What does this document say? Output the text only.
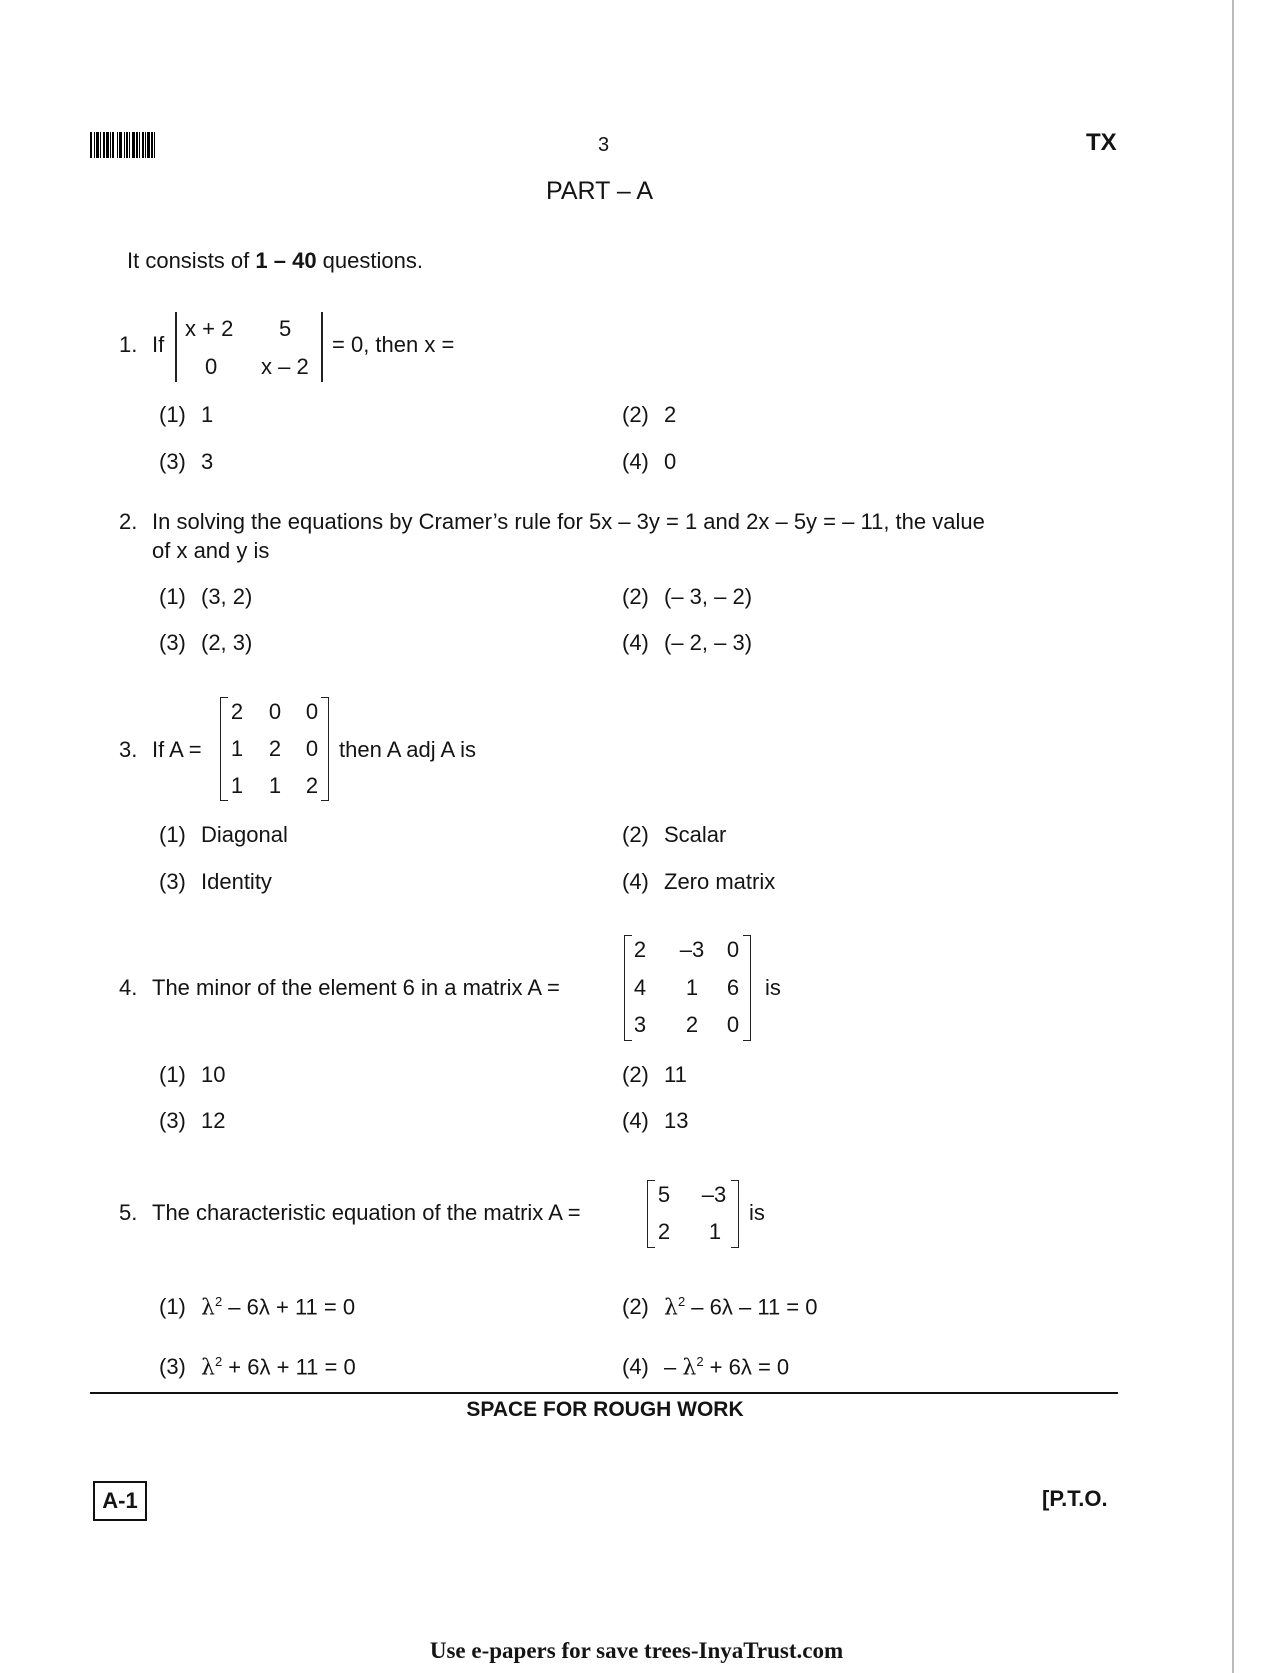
3	TX
PART – A
It consists of 1 – 40 questions.
1. If
x + 2 5
0 x – 2
= 0, then x =
(1) 1	(2) 2
(3) 3	(4) 0
2. In solving the equations by Cramer’s rule for 5x – 3y = 1 and 2x – 5y = – 11, the value
of x and y is
(1) (3, 2)	(2) (– 3, – 2)
(3) (2, 3)	(4) (– 2, – 3)
3. If A =
2	0	0
1	2	0
1	1	2
then A adj A is
(1) Diagonal	(2) Scalar
(3) Identity	(4) Zero matrix
4. The minor of the element 6 in a matrix A =
2	–3	0
4	1	6
3	2	0
is
(1) 10	(2) 11
(3) 12	(4) 13
5. The characteristic equation of the matrix A =
5	–3
2	1
is
(1) $\lambda^2 - 6\lambda + 11 = 0$	(2) $\lambda^2 - 6\lambda - 11 = 0$
(3) $\lambda^2 + 6\lambda + 11 = 0$	$(4) - \lambda^2 + 6\lambda = 0$
SPACE FOR ROUGH WORK
A-1	[P.T.O.
Use e-papers for save trees-InyaTrust.com
